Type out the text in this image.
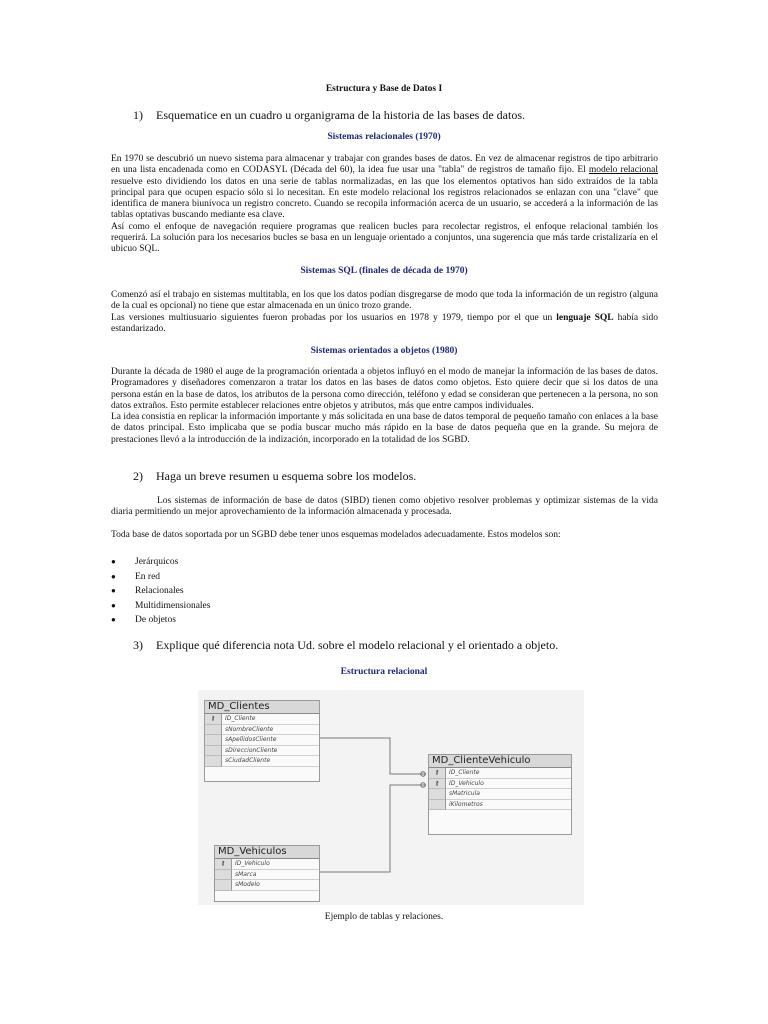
Estructura y Base de Datos I
1) Esquematice en un cuadro u organigrama de la historia de las bases de datos.
Sistemas relacionales (1970)

En 1970 se descubrió un nuevo sistema para almacenar y trabajar con grandes bases de datos. En vez de almacenar registros de tipo arbitrario en una lista encadenada como en CODASYL (Década del 60), la idea fue usar una "tabla" de registros de tamaño fijo. El modelo relacional resuelve esto dividiendo los datos en una serie de tablas normalizadas, en las que los elementos optativos han sido extraídos de la tabla principal para que ocupen espacio sólo si lo necesitan. En este modelo relacional los registros relacionados se enlazan con una "clave" que identifica de manera biunívoca un registro concreto. Cuando se recopila información acerca de un usuario, se accederá a la información de las tablas optativas buscando mediante esa clave.

Así como el enfoque de navegación requiere programas que realicen bucles para recolectar registros, el enfoque relacional también los requerirá. La solución para los necesarios bucles se basa en un lenguaje orientado a conjuntos, una sugerencia que más tarde cristalizaría en el ubicuo SQL.

Sistemas SQL (finales de década de 1970)

Comenzó así el trabajo en sistemas multitabla, en los que los datos podían disgregarse de modo que toda la información de un registro (alguna de la cual es opcional) no tiene que estar almacenada en un único trozo grande.

Las versiones multiusuario siguientes fueron probadas por los usuarios en 1978 y 1979, tiempo por el que un lenguaje SQL había sido estandarizado.

Sistemas orientados a objetos (1980)

Durante la década de 1980 el auge de la programación orientada a objetos influyó en el modo de manejar la información de las bases de datos. Programadores y diseñadores comenzaron a tratar los datos en las bases de datos como objetos. Esto quiere decir que si los datos de una persona están en la base de datos, los atributos de la persona como dirección, teléfono y edad se consideran que pertenecen a la persona, no son datos extraños. Esto permite establecer relaciones entre objetos y atributos, más que entre campos individuales.

La idea consistía en replicar la información importante y más solicitada en una base de datos temporal de pequeño tamaño con enlaces a la base de datos principal. Esto implicaba que se podía buscar mucho más rápido en la base de datos pequeña que en la grande. Su mejora de prestaciones llevó a la introducción de la indización, incorporado en la totalidad de los SGBD.

2) Haga un breve resumen u esquema sobre los modelos.

Los sistemas de información de base de datos (SIBD) tienen como objetivo resolver problemas y optimizar sistemas de la vida diaria permitiendo un mejor aprovechamiento de la información almacenada y procesada.

Toda base de datos soportada por un SGBD debe tener unos esquemas modelados adecuadamente. Estos modelos son:

●	Jerárquicos
●	En red
●	Relacionales
●	Multidimensionales
●	De objetos
3) Explique qué diferencia nota Ud. sobre el modelo relacional y el orientado a objeto.
Estructura relacional
MD_Clientes
⚷	ID_Cliente
sNombreCliente
sApellidosCliente
sDireccionCliente
sCiudadCliente	MD_ClienteVehiculo
⚷	ID_Cliente
⚷	ID_Vehiculo
sMatricula
iKilometros
MD_Vehiculos
⚷	ID_Vehiculo
sMarca
sModelo
Ejemplo de tablas y relaciones.
